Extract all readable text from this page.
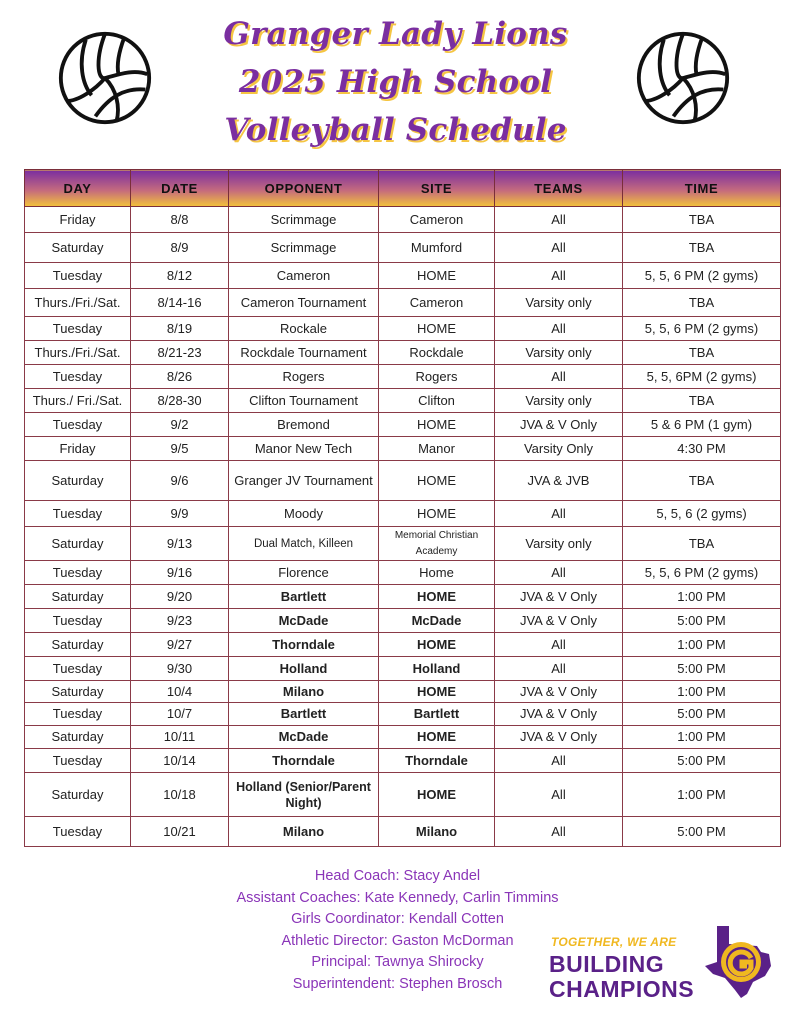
Granger Lady Lions
2025 High School
Volleyball Schedule
DAY	DATE	OPPONENT	SITE	TEAMS	TIME
Friday	8/8	Scrimmage	Cameron	All	TBA
Saturday	8/9	Scrimmage	Mumford	All	TBA
Tuesday	8/12	Cameron	HOME	All	5, 5, 6 PM (2 gyms)
Thurs./Fri./Sat.	8/14-16	Cameron Tournament	Cameron	Varsity only	TBA
Tuesday	8/19	Rockale	HOME	All	5, 5, 6 PM (2 gyms)
Thurs./Fri./Sat.	8/21-23	Rockdale Tournament	Rockdale	Varsity only	TBA
Tuesday	8/26	Rogers	Rogers	All	5, 5, 6PM (2 gyms)
Thurs./ Fri./Sat.	8/28-30	Clifton Tournament	Clifton	Varsity only	TBA
Tuesday	9/2	Bremond	HOME	JVA & V Only	5 & 6 PM (1 gym)
Friday	9/5	Manor New Tech	Manor	Varsity Only	4:30 PM
Saturday	9/6	Granger JV Tournament	HOME	JVA & JVB	TBA
Tuesday	9/9	Moody	HOME	All	5, 5, 6 (2 gyms)
Saturday	9/13	Dual Match, Killeen	Memorial Christian Academy	Varsity only	TBA
Tuesday	9/16	Florence	Home	All	5, 5, 6 PM (2 gyms)
Saturday	9/20	Bartlett	HOME	JVA & V Only	1:00 PM
Tuesday	9/23	McDade	McDade	JVA & V Only	5:00 PM
Saturday	9/27	Thorndale	HOME	All	1:00 PM
Tuesday	9/30	Holland	Holland	All	5:00 PM
Saturday	10/4	Milano	HOME	JVA & V Only	1:00 PM
Tuesday	10/7	Bartlett	Bartlett	JVA & V Only	5:00 PM
Saturday	10/11	McDade	HOME	JVA & V Only	1:00 PM
Tuesday	10/14	Thorndale	Thorndale	All	5:00 PM
Saturday	10/18	Holland (Senior/Parent Night)	HOME	All	1:00 PM
Tuesday	10/21	Milano	Milano	All	5:00 PM
Head Coach: Stacy Andel
Assistant Coaches: Kate Kennedy, Carlin Timmins
Girls Coordinator: Kendall Cotten
Athletic Director: Gaston McDorman
Principal: Tawnya Shirocky
Superintendent: Stephen Brosch
TOGETHER, WE ARE
BUILDING
CHAMPIONS
